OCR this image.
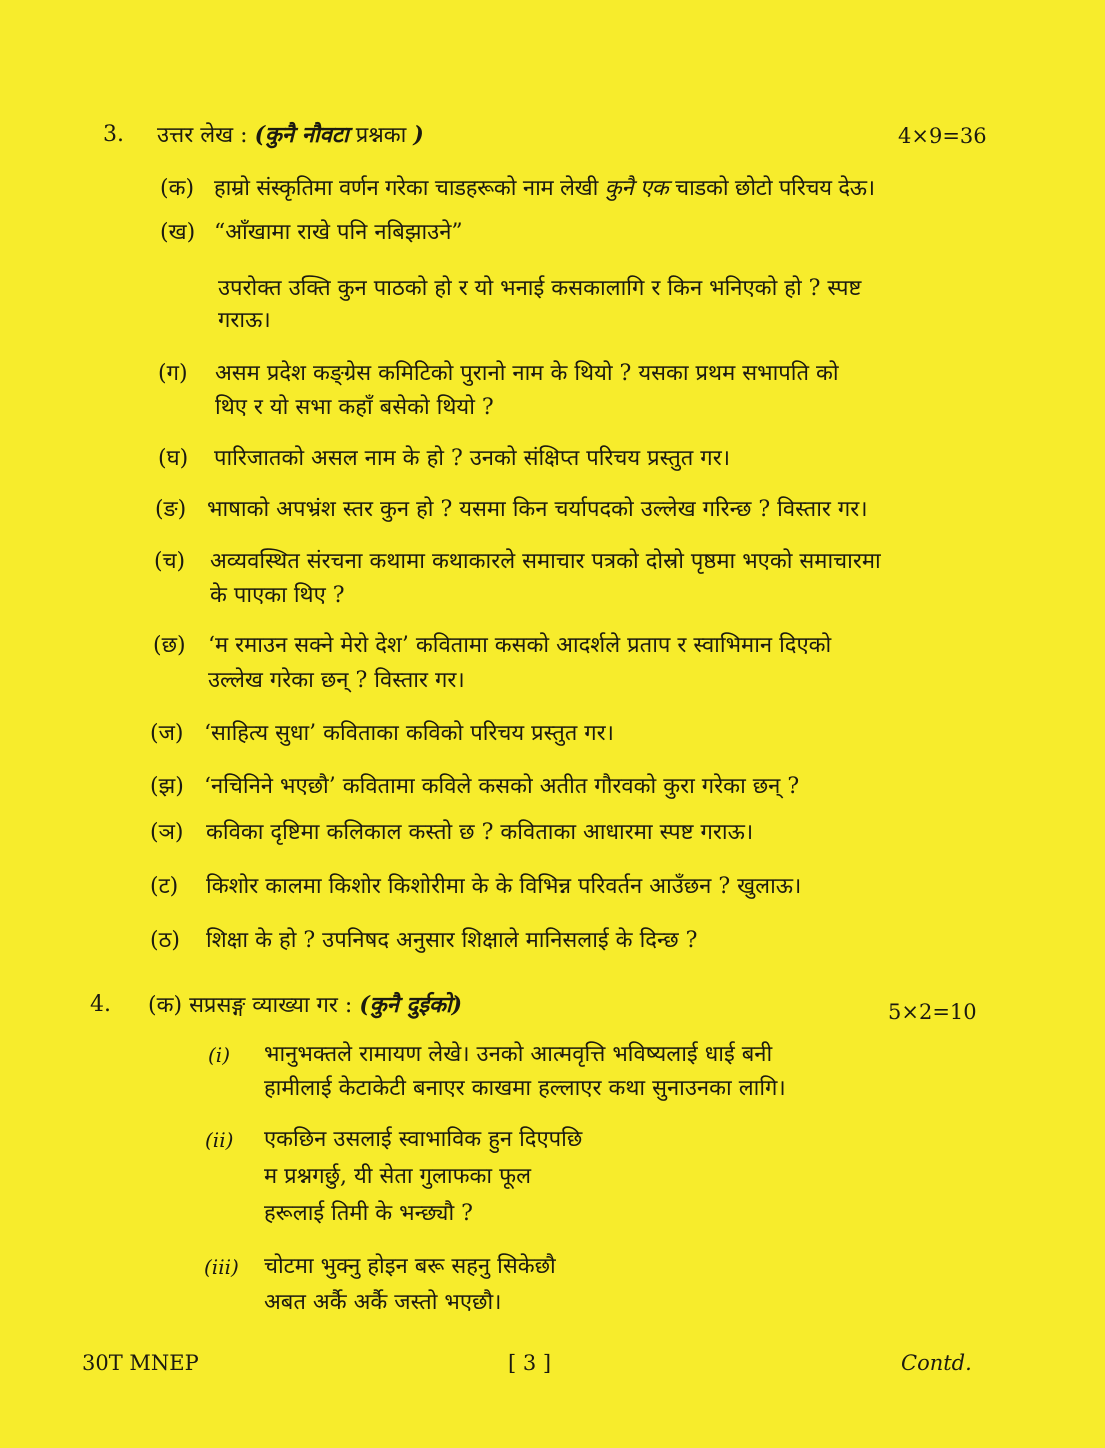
3. उत्तर लेख : (कुनै नौवटा प्रश्नका )	4×9=36
(क) हाम्रो संस्कृतिमा वर्णन गरेका चाडहरूको नाम लेखी कुनै एक चाडको छोटो परिचय देऊ।
(ख) “आँखामा राखे पनि नबिझाउने”
उपरोक्त उक्ति कुन पाठको हो र यो भनाई कसकालागि र किन भनिएको हो ? स्पष्ट
गराऊ।
(ग) असम प्रदेश कङ्ग्रेस कमिटिको पुरानो नाम के थियो ? यसका प्रथम सभापति को
थिए र यो सभा कहाँ बसेको थियो ?
(घ) पारिजातको असल नाम के हो ? उनको संक्षिप्त परिचय प्रस्तुत गर।
(ङ) भाषाको अपभ्रंश स्तर कुन हो ? यसमा किन चर्यापदको उल्लेख गरिन्छ ? विस्तार गर।
(च) अव्यवस्थित संरचना कथामा कथाकारले समाचार पत्रको दोस्रो पृष्ठमा भएको समाचारमा
के पाएका थिए ?
(छ) ‘म रमाउन सक्ने मेरो देश’ कवितामा कसको आदर्शले प्रताप र स्वाभिमान दिएको
उल्लेख गरेका छन् ? विस्तार गर।
(ज) ‘साहित्य सुधा’ कविताका कविको परिचय प्रस्तुत गर।
(झ) ‘नचिनिने भएछौ’ कवितामा कविले कसको अतीत गौरवको कुरा गरेका छन् ?
(ञ) कविका दृष्टिमा कलिकाल कस्तो छ ? कविताका आधारमा स्पष्ट गराऊ।
(ट) किशोर कालमा किशोर किशोरीमा के के विभिन्न परिवर्तन आउँछन ? खुलाऊ।
(ठ) शिक्षा के हो ? उपनिषद अनुसार शिक्षाले मानिसलाई के दिन्छ ?
4. (क) सप्रसङ्ग व्याख्या गर : (कुनै दुईको)	5×2=10
(i) भानुभक्तले रामायण लेखे। उनको आत्मवृत्ति भविष्यलाई धाई बनी
हामीलाई केटाकेटी बनाएर काखमा हल्लाएर कथा सुनाउनका लागि।
(ii) एकछिन उसलाई स्वाभाविक हुन दिएपछि
म प्रश्नगर्छु, यी सेता गुलाफका फूल
हरूलाई तिमी के भन्छ्यौ ?
(iii) चोटमा भुक्नु होइन बरू सहनु सिकेछौ
अबत अर्कै अर्कै जस्तो भएछौ।
30T MNEP	[ 3 ]	Contd.
